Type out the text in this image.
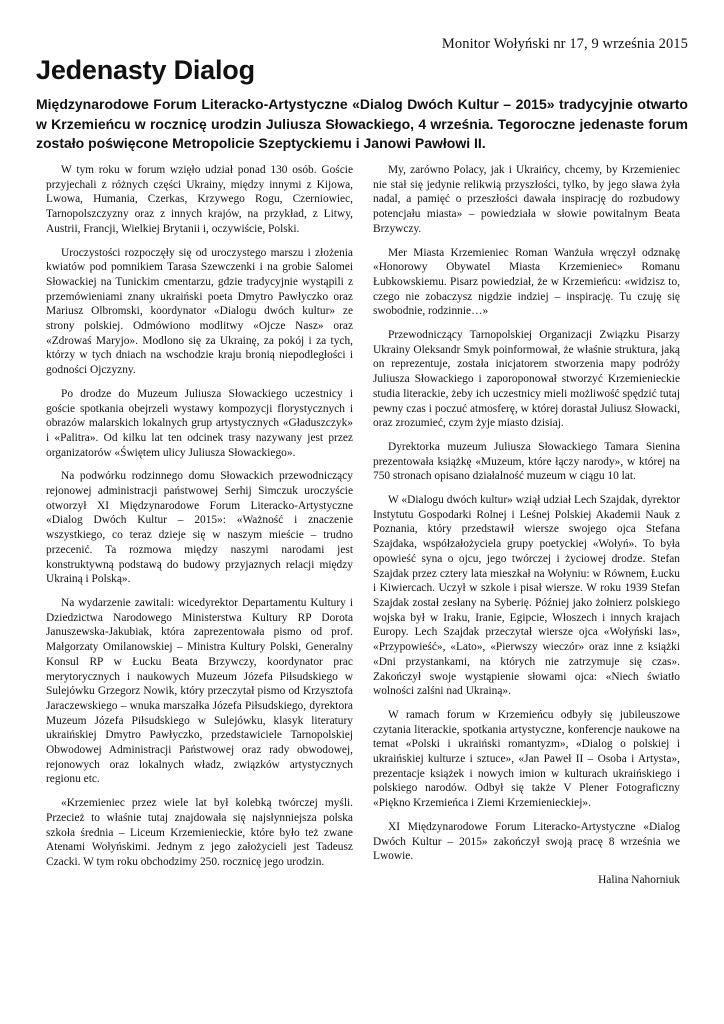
Monitor Wołyński nr 17, 9 września 2015
Jedenasty Dialog

Międzynarodowe Forum Literacko-Artystyczne «Dialog Dwóch Kultur – 2015» tradycyjnie otwarto w Krzemieńcu w rocznicę urodzin Juliusza Słowackiego, 4 września. Tegoroczne jedenaste forum zostało poświęcone Metropolicie Szeptyckiemu i Janowi Pawłowi II.

W tym roku w forum wzięło udział ponad 130 osób. Goście przyjechali z różnych części Ukrainy, między innymi z Kijowa, Lwowa, Humania, Czerkas, Krzywego Rogu, Czerniowiec, Tarnopolszczyzny oraz z innych krajów, na przykład, z Litwy, Austrii, Francji, Wielkiej Brytanii i, oczywiście, Polski.

Uroczystości rozpoczęły się od uroczystego marszu i złożenia kwiatów pod pomnikiem Tarasa Szewczenki i na grobie Salomei Słowackiej na Tunickim cmentarzu, gdzie tradycyjnie wystąpili z przemówieniami znany ukraiński poeta Dmytro Pawłyczko oraz Mariusz Olbromski, koordynator «Dialogu dwóch kultur» ze strony polskiej. Odmówiono modlitwy «Ojcze Nasz» oraz «Zdrowaś Maryjo». Modlono się za Ukrainę, za pokój i za tych, którzy w tych dniach na wschodzie kraju bronią niepodległości i godności Ojczyzny.

Po drodze do Muzeum Juliusza Słowackiego uczestnicy i goście spotkania obejrzeli wystawy kompozycji florystycznych i obrazów malarskich lokalnych grup artystycznych «Gładuszczyk» i «Palitra». Od kilku lat ten odcinek trasy nazywany jest przez organizatorów «Świętem ulicy Juliusza Słowackiego».

Na podwórku rodzinnego domu Słowackich przewodniczący rejonowej administracji państwowej Serhij Simczuk uroczyście otworzył XI Międzynarodowe Forum Literacko-Artystyczne «Dialog Dwóch Kultur – 2015»: «Ważność i znaczenie wszystkiego, co teraz dzieje się w naszym mieście – trudno przecenić. Ta rozmowa między naszymi narodami jest konstruktywną podstawą do budowy przyjaznych relacji między Ukrainą i Polską».

Na wydarzenie zawitali: wicedyrektor Departamentu Kultury i Dziedzictwa Narodowego Ministerstwa Kultury RP Dorota Januszewska-Jakubiak, która zaprezentowała pismo od prof. Małgorzaty Omilanowskiej – Ministra Kultury Polski, Generalny Konsul RP w Łucku Beata Brzywczy, koordynator prac merytorycznych i naukowych Muzeum Józefa Piłsudskiego w Sulejówku Grzegorz Nowik, który przeczytał pismo od Krzysztofa Jaraczewskiego – wnuka marszałka Józefa Piłsudskiego, dyrektora Muzeum Józefa Piłsudskiego w Sulejówku, klasyk literatury ukraińskiej Dmytro Pawłyczko, przedstawiciele Tarnopolskiej Obwodowej Administracji Państwowej oraz rady obwodowej, rejonowych oraz lokalnych władz, związków artystycznych regionu etc.

«Krzemieniec przez wiele lat był kolebką twórczej myśli. Przecież to właśnie tutaj znajdowała się najsłynniejsza polska szkoła średnia – Liceum Krzemienieckie, które było też zwane Atenami Wołyńskimi. Jednym z jego założycieli jest Tadeusz Czacki. W tym roku obchodzimy 250. rocznicę jego urodzin.

My, zarówno Polacy, jak i Ukraińcy, chcemy, by Krzemieniec nie stał się jedynie relikwią przyszłości, tylko, by jego sława żyła nadal, a pamięć o przeszłości dawała inspirację do rozbudowy potencjału miasta» – powiedziała w słowie powitalnym Beata Brzywczy.

Mer Miasta Krzemieniec Roman Wanżuła wręczył odznakę «Honorowy Obywatel Miasta Krzemieniec» Romanu Łubkowskiemu. Pisarz powiedział, że w Krzemieńcu: «widzisz to, czego nie zobaczysz nigdzie indziej – inspirację. Tu czuję się swobodnie, rodzinnie…»

Przewodniczący Tarnopolskiej Organizacji Związku Pisarzy Ukrainy Oleksandr Smyk poinformował, że właśnie struktura, jaką on reprezentuje, została inicjatorem stworzenia mapy podróży Juliusza Słowackiego i zaporoponował stworzyć Krzemienieckie studia literackie, żeby ich uczestnicy mieli możliwość spędzić tutaj pewny czas i poczuć atmosferę, w której dorastał Juliusz Słowacki, oraz zrozumieć, czym żyje miasto dzisiaj.

Dyrektorka muzeum Juliusza Słowackiego Tamara Sienina prezentowała książkę «Muzeum, które łączy narody», w której na 750 stronach opisano działalność muzeum w ciągu 10 lat.

W «Dialogu dwóch kultur» wziął udział Lech Szajdak, dyrektor Instytutu Gospodarki Rolnej i Leśnej Polskiej Akademii Nauk z Poznania, który przedstawił wiersze swojego ojca Stefana Szajdaka, współzałożyciela grupy poetyckiej «Wołyń». To była opowieść syna o ojcu, jego twórczej i życiowej drodze. Stefan Szajdak przez cztery lata mieszkał na Wołyniu: w Równem, Łucku i Kiwiercach. Uczył w szkole i pisał wiersze. W roku 1939 Stefan Szajdak został zesłany na Syberię. Później jako żołnierz polskiego wojska był w Iraku, Iranie, Egipcie, Włoszech i innych krajach Europy. Lech Szajdak przeczytał wiersze ojca «Wołyński las», «Przypowieść», «Lato», «Pierwszy wieczór» oraz inne z książki «Dni przystankami, na których nie zatrzymuje się czas». Zakończył swoje wystąpienie słowami ojca: «Niech światło wolności zalśni nad Ukrainą».

W ramach forum w Krzemieńcu odbyły się jubileuszowe czytania literackie, spotkania artystyczne, konferencje naukowe na temat «Polski i ukraiński romantyzm», «Dialog o polskiej i ukraińskiej kulturze i sztuce», «Jan Paweł II – Osoba i Artysta», prezentacje książek i nowych imion w kulturach ukraińskiego i polskiego narodów. Odbył się także V Plener Fotograficzny «Piękno Krzemieńca i Ziemi Krzemienieckiej».

XI Międzynarodowe Forum Literacko-Artystyczne «Dialog Dwóch Kultur – 2015» zakończył swoją pracę 8 września we Lwowie.

Halina Nahorniuk
